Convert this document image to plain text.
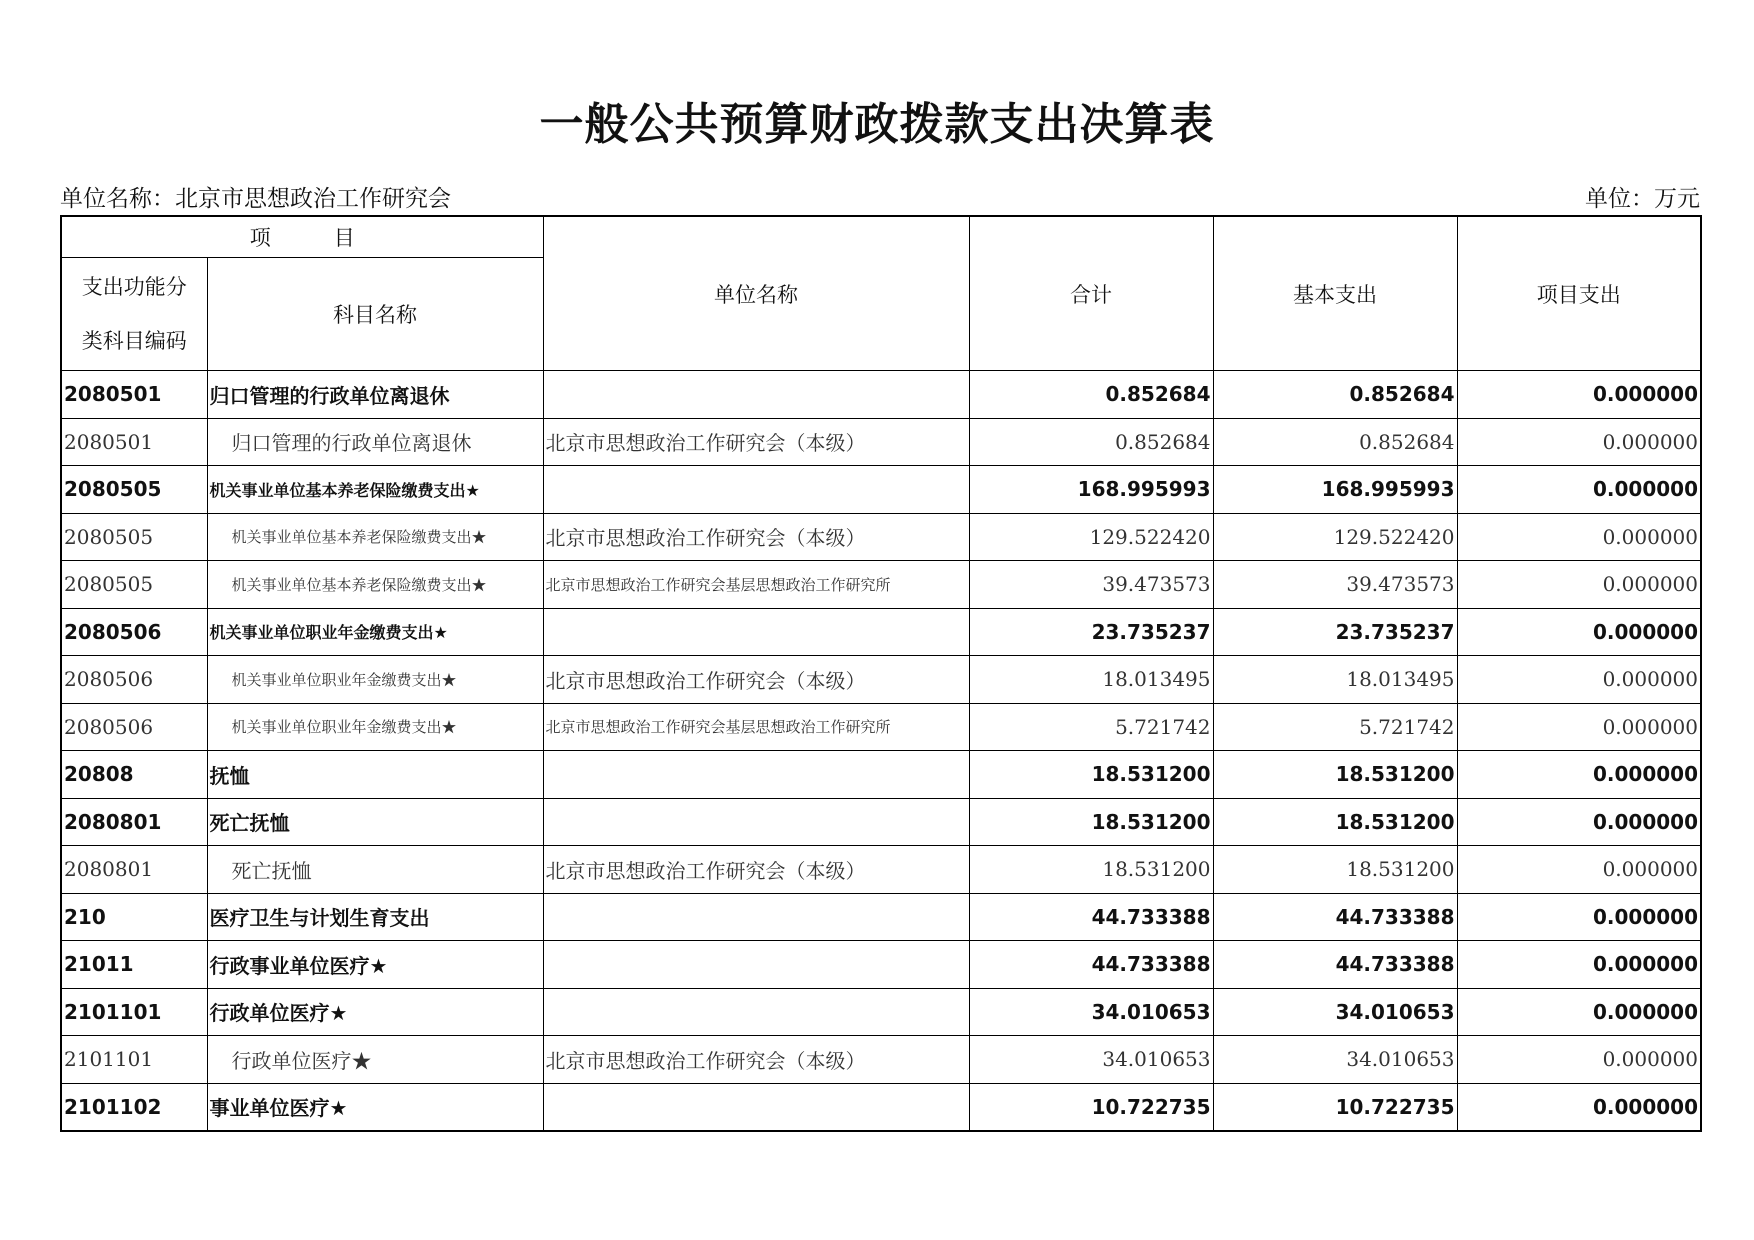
一般公共预算财政拨款支出决算表
单位名称：北京市思想政治工作研究会	单位：万元
项　　　目		单位名称	合计	基本支出	项目支出
支出功能分类科目编码	科目名称				
2080501	归口管理的行政单位离退休		0.852684	0.852684	0.000000
2080501	归口管理的行政单位离退休	北京市思想政治工作研究会（本级）	0.852684	0.852684	0.000000
2080505	机关事业单位基本养老保险缴费支出★		168.995993	168.995993	0.000000
2080505	机关事业单位基本养老保险缴费支出★	北京市思想政治工作研究会（本级）	129.522420	129.522420	0.000000
2080505	机关事业单位基本养老保险缴费支出★	北京市思想政治工作研究会基层思想政治工作研究所	39.473573	39.473573	0.000000
2080506	机关事业单位职业年金缴费支出★		23.735237	23.735237	0.000000
2080506	机关事业单位职业年金缴费支出★	北京市思想政治工作研究会（本级）	18.013495	18.013495	0.000000
2080506	机关事业单位职业年金缴费支出★	北京市思想政治工作研究会基层思想政治工作研究所	5.721742	5.721742	0.000000
20808	抚恤		18.531200	18.531200	0.000000
2080801	死亡抚恤		18.531200	18.531200	0.000000
2080801	死亡抚恤	北京市思想政治工作研究会（本级）	18.531200	18.531200	0.000000
210	医疗卫生与计划生育支出		44.733388	44.733388	0.000000
21011	行政事业单位医疗★		44.733388	44.733388	0.000000
2101101	行政单位医疗★		34.010653	34.010653	0.000000
2101101	行政单位医疗★	北京市思想政治工作研究会（本级）	34.010653	34.010653	0.000000
2101102	事业单位医疗★		10.722735	10.722735	0.000000
